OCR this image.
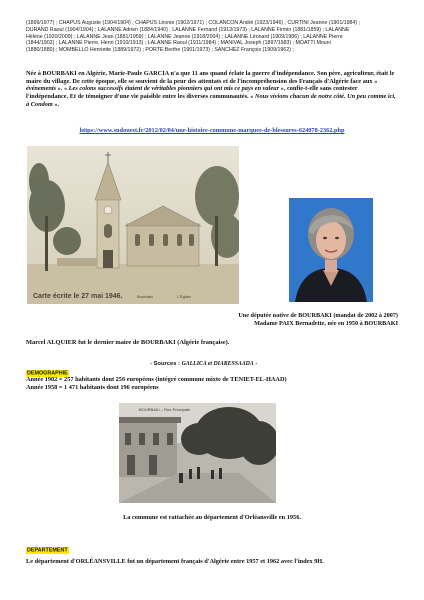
(1899/1977) ; CHAPUS Auguste (1904/1904) ; CHAPUS Léonie (1902/1971) ; COLANCON André (1923/1946) ; CURTINI Jeanne (1901/1984) ;
DURAND Raoul (1904/1904) ; LALANNE Adrien (1884/1940) ; LALANNE Fernand (1913/1973) ; LALANNE Firmin (1881/1859) ; LALANNE
Hélène (1920/2009) ; LALANNE Jean (1881/1959) ; LALANNE Jeanne (1918/2004) ; LALANNE Léonard (1909/1986) ; LALANNE Pierre
(1844/1902) ; LALANNE Pierre, Henri (1910/1913) ; LALANNE Raoul (1911/1984) ; MANIVAL Joseph (1897/1983) ; MOATTI Mouni
(1880/1880) ; MOMBELLO Henriette (1889/1972) ; PORTE Berthe (1901/1973) ; SANCHEZ François (1909/1962) ;
Née à BOURBAKI en Algérie, Marie-Paule GARCIA n'a que 11 ans quand éclate la guerre d'indépendance. Son père, agriculteur, était le maire du village. De cette époque, elle se souvient de la peur des attentats et de l'incompréhension des Français d'Algérie face aux « événements ». « Les colons successifs étaient de véritables pionniers qui ont mis ce pays en valeur », confie-t-elle sans contester l'indépendance. Et de témoigner d'une vie paisible entre les diverses communautés. « Nous vivions chacun de notre côté. Un peu comme ici, à Condom ».
https://www.sudouest.fr/2012/02/04/une-histoire-commune-marquee-de-blessures-624078-2362.php
Carte écrite le 27 mai 1946.	Bourbaki	L'Église
Une députée native de BOURBAKI (mandat de 2002 à 2007)
Madame PAIX Bernadette, née en 1950 à BOURBAKI
Marcel ALQUIER fut le dernier maire de BOURBAKI (Algérie française).
DEMOGRAPHIE
- Sources : GALLICA et DIARESSAADA -
Année 1902 = 257 habitants dont 256 européens (intégré commune mixte de TENIET-EL-HAAD)
Année 1958 = 1 471 habitants dont 196 européens
BOURBAKI – Rue Principale
La commune est rattachée au département d'Orléansville en 1956.
DEPARTEMENT
Le département d'ORLÉANSVILLE fut un département français d'Algérie entre 1957 et 1962 avec l'index 9H.
